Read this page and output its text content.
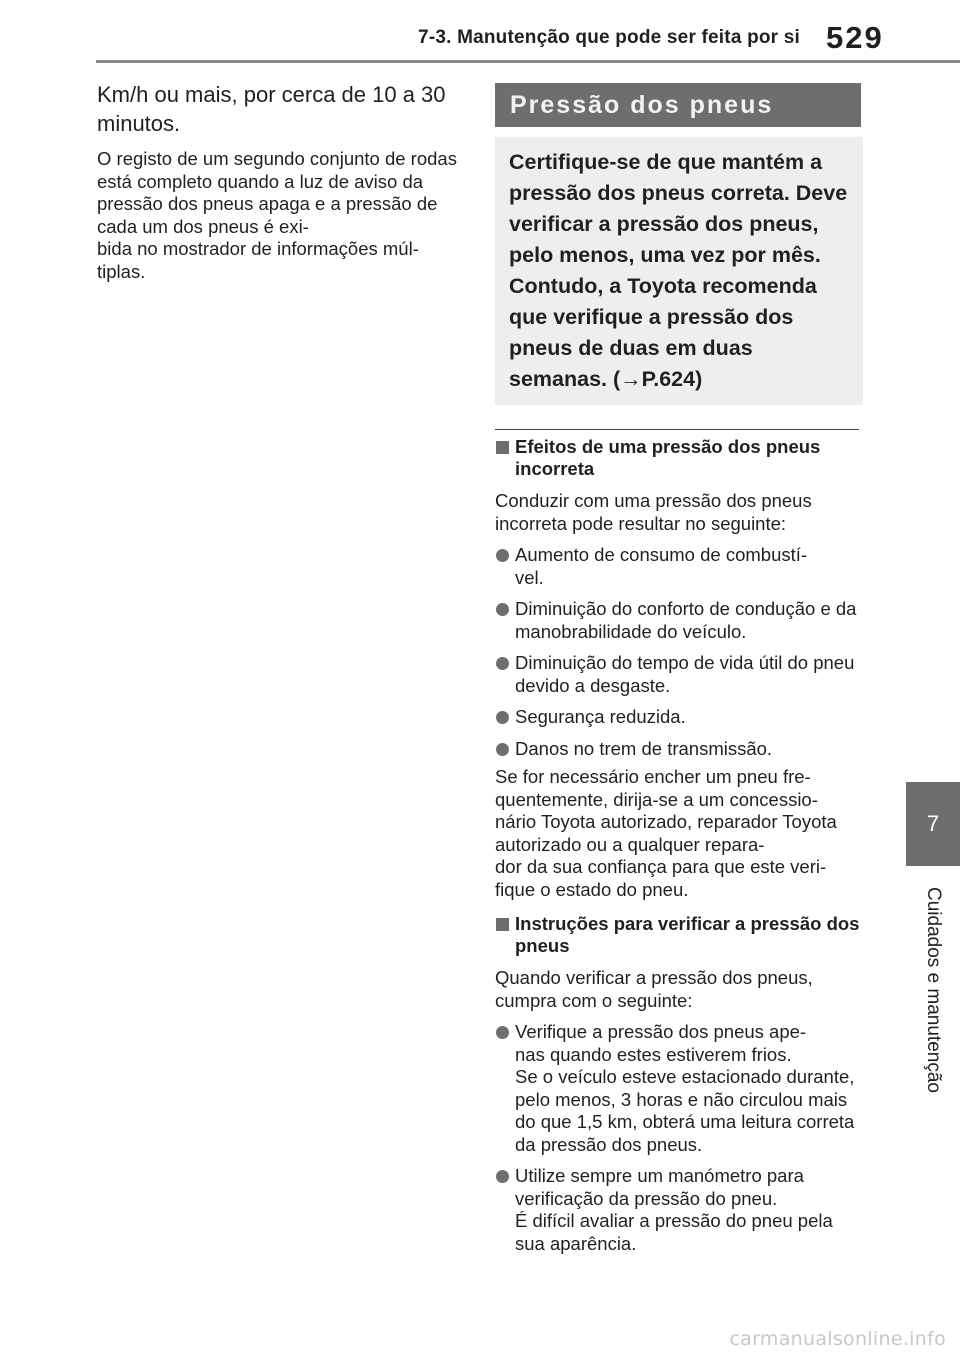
7-3. Manutenção que pode ser feita por si 529
7
Cuidados e manutenção

Km/h ou mais, por cerca de 10 a 30 minutos.

O registo de um segundo conjunto de rodas está completo quando a luz de aviso da pressão dos pneus apaga e a pressão de cada um dos pneus é exi-
bida no mostrador de informações múl-
tiplas.

Pressão dos pneus
Certifique-se de que mantém a pressão dos pneus correta. Deve verificar a pressão dos pneus, pelo menos, uma vez por mês. Contudo, a Toyota recomenda que verifique a pressão dos pneus de duas em duas semanas. (→P.624)
Efeitos de uma pressão dos pneus incorreta

Conduzir com uma pressão dos pneus incorreta pode resultar no seguinte:

Aumento de consumo de combustí-
vel.
Diminuição do conforto de condução e da manobrabilidade do veículo.
Diminuição do tempo de vida útil do pneu devido a desgaste.
Segurança reduzida.
Danos no trem de transmissão.

Se for necessário encher um pneu fre-
quentemente, dirija-se a um concessio-
nário Toyota autorizado, reparador Toyota autorizado ou a qualquer repara-
dor da sua confiança para que este veri-
fique o estado do pneu.

Instruções para verificar a pressão dos pneus

Quando verificar a pressão dos pneus, cumpra com o seguinte:

Verifique a pressão dos pneus ape-
nas quando estes estiverem frios.
Se o veículo esteve estacionado durante, pelo menos, 3 horas e não circulou mais do que 1,5 km, obterá uma leitura correta da pressão dos pneus.
Utilize sempre um manómetro para verificação da pressão do pneu.
É difícil avaliar a pressão do pneu pela sua aparência.
carmanualsonline.info
